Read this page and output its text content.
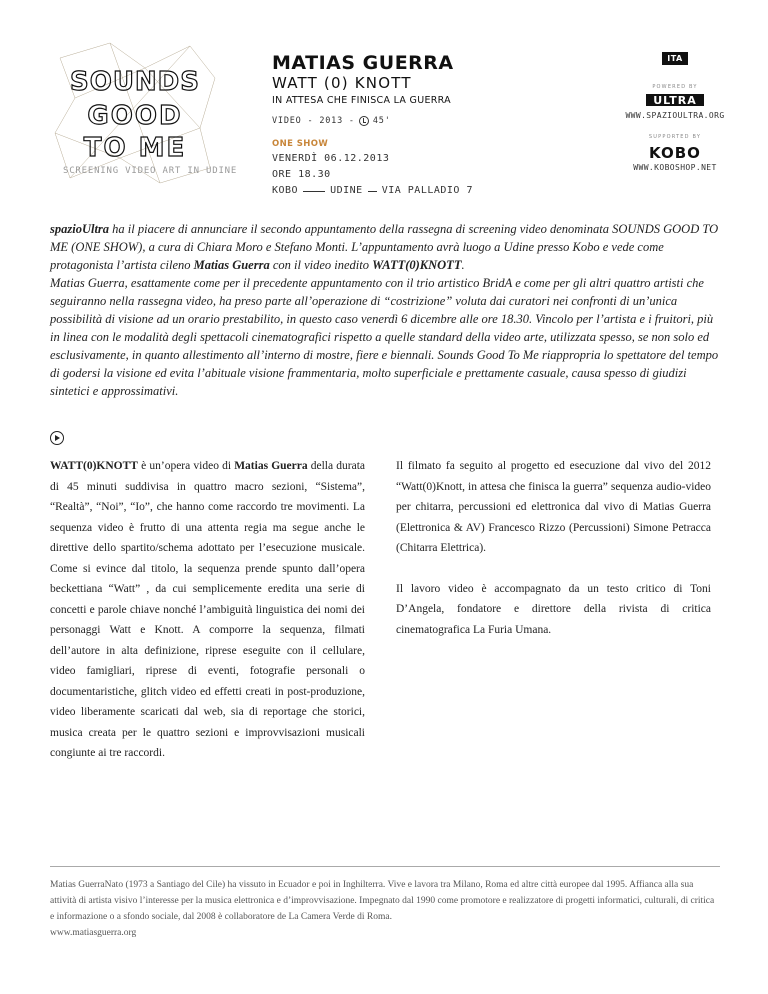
SOUNDS
GOOD
TO ME
SCREENING VIDEO ART IN UDINE
MATIAS GUERRA
WATT (0) KNOTT
IN ATTESA CHE FINISCA LA GUERRA
VIDEO - 2013 - 45'
ONE SHOW
VENERDÌ 06.12.2013
ORE 18.30
KOBO	UDINE VIA PALLADIO 7
ITA
POWERED BY
ULTRA
WWW.SPAZIOULTRA.ORG
SUPPORTED BY
KOBO
WWW.KOBOSHOP.NET

spazioUltra ha il piacere di annunciare il secondo appuntamento della rassegna di screening video denominata SOUNDS GOOD TO ME (ONE SHOW), a cura di Chiara Moro e Stefano Monti. L’appuntamento avrà luogo a Udine presso Kobo e vede come protagonista l’artista cileno Matias Guerra con il video inedito WATT(0)KNOTT.

Matias Guerra, esattamente come per il precedente appuntamento con il trio artistico BridA e come per gli altri quattro artisti che seguiranno nella rassegna video, ha preso parte all’operazione di “costrizione” voluta dai curatori nei confronti di un’unica possibilità di visione ad un orario prestabilito, in questo caso venerdì 6 dicembre alle ore 18.30. Vincolo per l’artista e i fruitori, più in linea con le modalità degli spettacoli cinematografici rispetto a quelle standard della video arte, utilizzata spesso, se non solo ed esclusivamente, in quanto allestimento all’interno di mostre, fiere e biennali. Sounds Good To Me riappropria lo spettatore del tempo di godersi la visione ed evita l’abituale visione frammentaria, molto superficiale e prettamente casuale, causa spesso di giudizi sintetici e approssimativi.

WATT(0)KNOTT è un’opera video di Matias Guerra della durata di 45 minuti suddivisa in quattro macro sezioni, “Sistema”, “Realtà”, “Noi”, “Io”, che hanno come raccordo tre movimenti. La sequenza video è frutto di una attenta regia ma segue anche le direttive dello spartito/schema adottato per l’esecuzione musicale. Come si evince dal titolo, la sequenza prende spunto dall’opera beckettiana “Watt” , da cui semplicemente eredita una serie di concetti e parole chiave nonché l’ambiguità linguistica dei nomi dei personaggi Watt e Knott. A comporre la sequenza, filmati dell’autore in alta definizione, riprese eseguite con il cellulare, video famigliari, riprese di eventi, fotografie personali o documentaristiche, glitch video ed effetti creati in post-produzione, video liberamente scaricati dal web, sia di reportage che storici, musica creata per le quattro sezioni e improvvisazioni musicali congiunte ai tre raccordi.

Il filmato fa seguito al progetto ed esecuzione dal vivo del 2012 “Watt(0)Knott, in attesa che finisca la guerra” sequenza audio-video per chitarra, percussioni ed elettronica dal vivo di Matias Guerra (Elettronica & AV) Francesco Rizzo (Percussioni) Simone Petracca (Chitarra Elettrica).

Il lavoro video è accompagnato da un testo critico di Toni D’Angela, fondatore e direttore della rivista di critica cinematografica La Furia Umana.

Matias GuerraNato (1973 a Santiago del Cile) ha vissuto in Ecuador e poi in Inghilterra. Vive e lavora tra Milano, Roma ed altre città europee dal 1995. Affianca alla sua attività di artista visivo l’interesse per la musica elettronica e d’improvvisazione. Impegnato dal 1990 come promotore e realizzatore di progetti informatici, culturali, di critica e informazione o a sfondo sociale, dal 2008 è collaboratore de La Camera Verde di Roma.

www.matiasguerra.org
